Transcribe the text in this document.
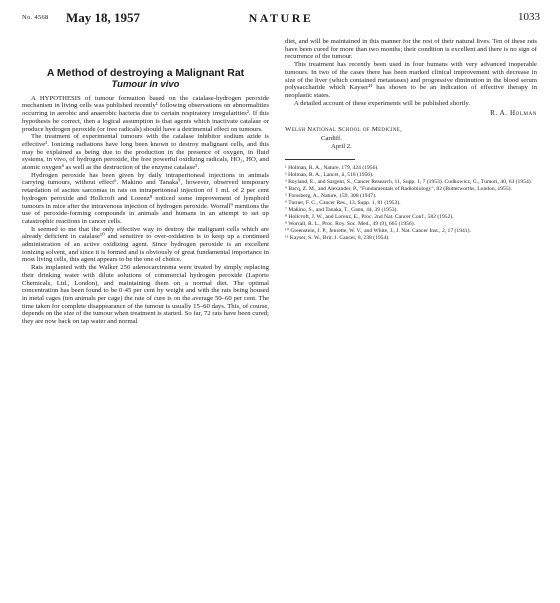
No. 4568 May 18, 1957	NATURE	1033
A Method of destroying a Malignant Rat
Tumour in vivo

A HYPOTHESIS of tumour formation based on the catalase-hydrogen peroxide mechanism in living cells was published recently¹ following observations on abnormalities occurring in aerobic and anaerobic bacteria due to certain respiratory irregularities². If this hypothesis be correct, then a logical assumption is that agents which inactivate catalase or produce hydrogen peroxide (or free radicals) should have a detrimental effect on tumours.

The treatment of experimental tumours with the catalase inhibitor sodium azide is effective³. Ionizing radiations have long been known to destroy malignant cells, and this may be explained as being due to the production in the presence of oxygen, in fluid systems, in vivo, of hydrogen peroxide, the free powerful oxidizing radicals, HO₂, HO, and atomic oxygen⁴ as well as the destruction of the enzyme catalase⁵.

Hydrogen peroxide has been given by daily intraperitoneal injections in animals carrying tumours, without effect⁶. Makino and Tanaka⁷, however, observed temporary retardation of ascites sarcomas in rats on intraperitoneal injection of 1 ml. of 2 per cent hydrogen peroxide and Hollcroft and Lorenz⁸ noticed some improvement of lymphoid tumours in mice after the intravenous injection of hydrogen peroxide. Worrall⁹ mentions the use of peroxide-forming compounds in animals and humans in an attempt to set up catastrophic reactions in cancer cells.

It seemed to me that the only effective way to destroy the malignant cells which are already deficient in catalase¹⁰ and sensitive to over-oxidation is to keep up a continued administration of an active oxidizing agent. Since hydrogen peroxide is an excellent ionizing solvent, and since it is formed and is obviously of great fundamental importance in most living cells, this agent appears to be the one of choice.

Rats implanted with the Walker 256 adenocarcinoma were treated by simply replacing their drinking water with dilute solutions of commercial hydrogen peroxide (Laporte Chemicals, Ltd., London), and maintaining them on a normal diet. The optimal concentration has been found to be 0·45 per cent by weight and with the rats being housed in metal cages (ten animals per cage) the rate of cure is on the average 50–60 per cent. The time taken for complete disappearance of the tumour is usually 15–60 days. This, of course, depends on the size of the tumour when treatment is started. So far, 72 rats have been cured; they are now back on tap water and normal

diet, and will be maintained in this manner for the rest of their natural lives. Ten of these rats have been cured for more than two months; their condition is excellent and there is no sign of recurrence of the tumour.

This treatment has recently been used in four humans with very advanced inoperable tumours. In two of the cases there has been marked clinical improvement with decrease in size of the liver (which contained metastases) and progressive diminution in the blood serum polysaccharide which Kayser¹¹ has shown to be an indication of effective therapy in neoplastic states.

A detailed account of these experiments will be published shortly.

R. A. Holman
Welsh National School of Medicine,
Cardiff.
April 2.
¹ Holman, R. A., Nature, 179, 424 (1956).
² Holman, R. A., Lancet, ii, 518 (1956).
³ Boyland, E., and Sargent, S., Cancer Research, 11, Supp. 1, 7 (1953). Cudkowicz, G., Tumori, 40, 63 (1954).
⁴ Bacq, Z. M., and Alexander, P., "Fundamentals of Radiobiology", 82 (Butterworths, London, 1955).
⁵ Forssberg, A., Nature, 159, 308 (1947).
⁶ Turner, F. C., Cancer Res., 13, Supp. 1, 81 (1953).
⁷ Makino, S., and Tanaka, T., Gann, 44, 39 (1953).
⁸ Hollcroft, J. W., and Lorenz, E., Proc. 2nd Nat. Cancer Conf., 582 (1952).
⁹ Worrall, R. L., Proc. Roy. Soc. Med., 49 (9), 665 (1956).
¹⁰ Greenstein, J. P., Jenrette, W. V., and White, J., J. Nat. Cancer Inst., 2, 17 (1941).
¹¹ Kayser, S. W., Brit. J. Cancer, 8, 238 (1954).
